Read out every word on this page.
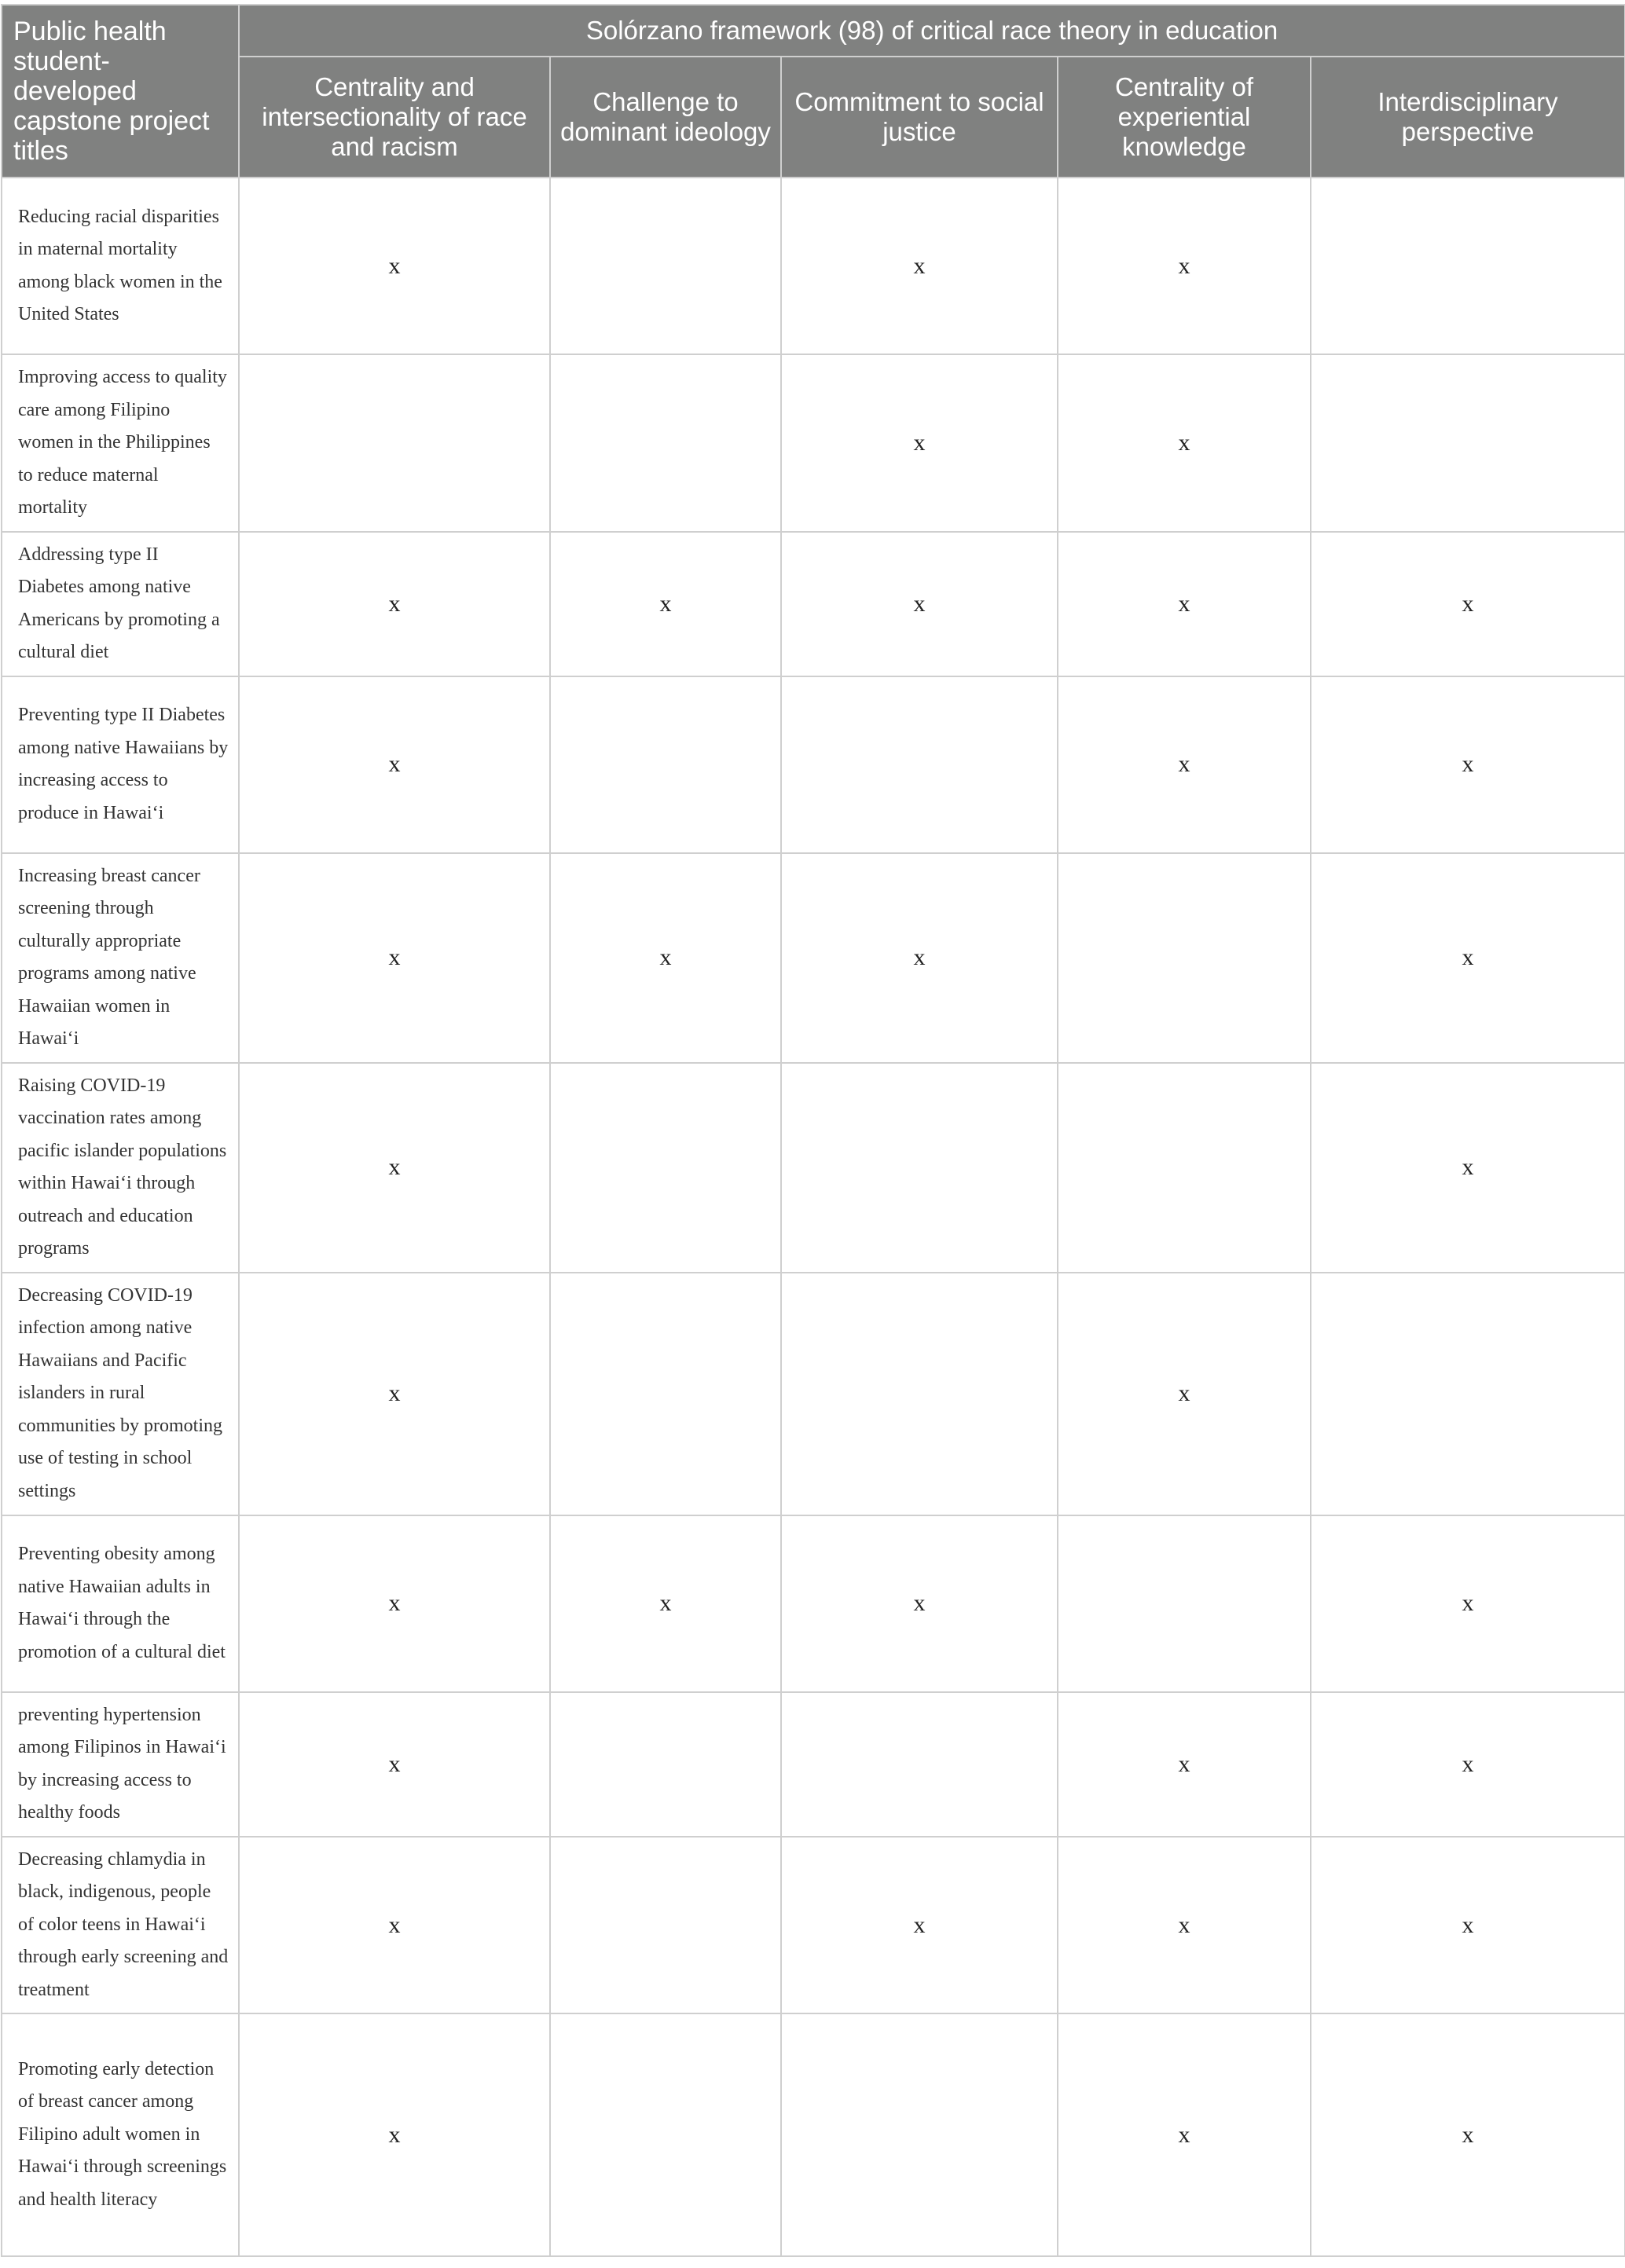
Public health student-developed capstone project titles	Solórzano framework (98) of critical race theory in education				
	Centrality and intersectionality of race and racism	Challenge to dominant ideology	Commitment to social justice	Centrality of experiential knowledge	Interdisciplinary perspective

Reducing racial disparities in maternal mortality among black women in the United States	x		x	x	

Improving access to quality care among Filipino women in the Philippines to reduce maternal mortality			x	x	

Addressing type II Diabetes among native Americans by promoting a cultural diet	x	x	x	x	x

Preventing type II Diabetes among native Hawaiians by increasing access to produce in Hawai‘i	x			x	x

Increasing breast cancer screening through culturally appropriate programs among native Hawaiian women in Hawai‘i	x	x	x		x

Raising COVID-19 vaccination rates among pacific islander populations within Hawai‘i through outreach and education programs	x				x

Decreasing COVID-19 infection among native Hawaiians and Pacific islanders in rural communities by promoting use of testing in school settings	x			x	

Preventing obesity among native Hawaiian adults in Hawai‘i through the promotion of a cultural diet	x	x	x		x

preventing hypertension among Filipinos in Hawai‘i by increasing access to healthy foods	x			x	x

Decreasing chlamydia in black, indigenous, people of color teens in Hawai‘i through early screening and treatment	x		x	x	x

Promoting early detection of breast cancer among Filipino adult women in Hawai‘i through screenings and health literacy	x			x	x
